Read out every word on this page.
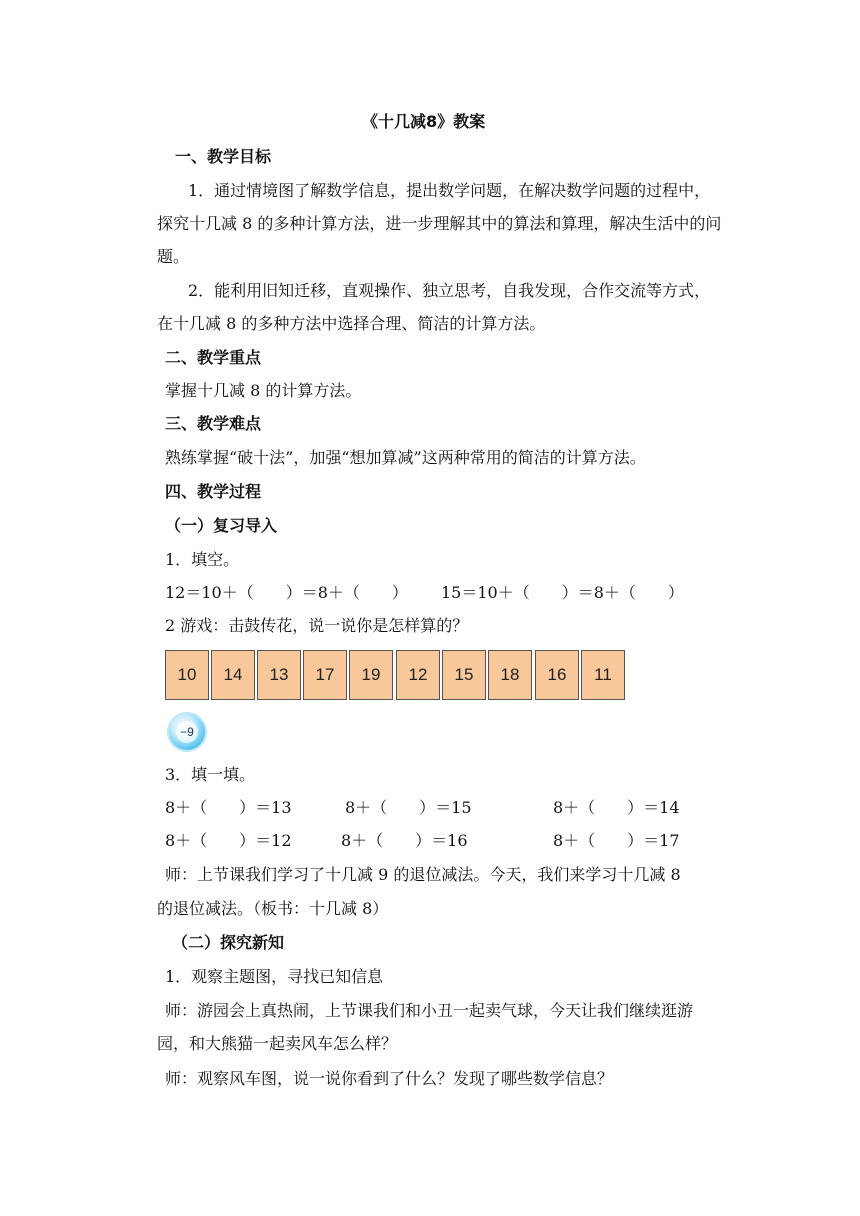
《十几减8》教案
一、教学目标
1．通过情境图了解数学信息，提出数学问题，在解决数学问题的过程中，
探究十几减 8 的多种计算方法，进一步理解其中的算法和算理，解决生活中的问
题。
2．能利用旧知迁移，直观操作、独立思考，自我发现，合作交流等方式，
在十几减 8 的多种方法中选择合理、简洁的计算方法。
二、教学重点
掌握十几减 8 的计算方法。
三、教学难点
熟练掌握“破十法”，加强“想加算减”这两种常用的简洁的计算方法。
四、教学过程
（一）复习导入
1．填空。
12＝10＋（　　）＝8＋（　　） 15＝10＋（　　）＝8＋（　　）
2 游戏：击鼓传花，说一说你是怎样算的？
10	14	13	17	19	12	15	18	16	11
−9
3．填一填。
8＋（　　）＝13	8＋（　　）＝15	8＋（　　）＝14
8＋（　　）＝12	8＋（　　）＝16	8＋（　　）＝17
师：上节课我们学习了十几减 9 的退位减法。今天，我们来学习十几减 8
的退位减法。（板书：十几减 8）
（二）探究新知
1．观察主题图，寻找已知信息
师：游园会上真热闹，上节课我们和小丑一起卖气球，今天让我们继续逛游
园，和大熊猫一起卖风车怎么样？
师：观察风车图，说一说你看到了什么？发现了哪些数学信息？
